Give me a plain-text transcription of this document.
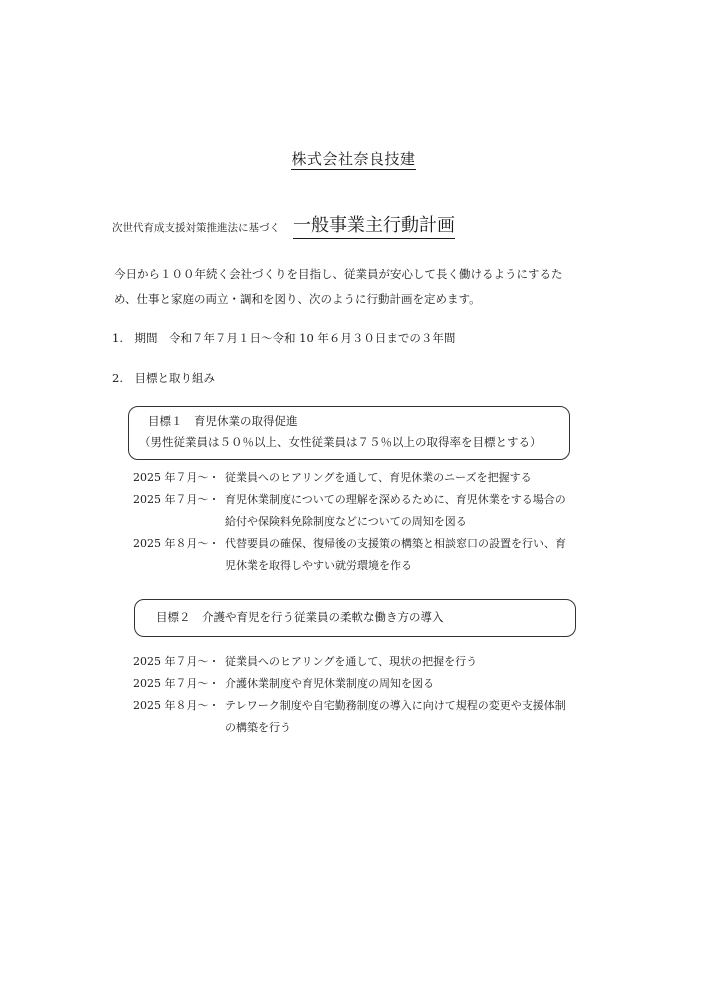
株式会社奈良技建
次世代育成支援対策推進法に基づく 一般事業主行動計画
今日から１００年続く会社づくりを目指し、従業員が安心して長く働けるようにするた
め、仕事と家庭の両立・調和を図り、次のように行動計画を定めます。
1.　期間　令和７年７月１日〜令和 10 年６月３０日までの３年間
2.　目標と取り組み
目標１　育児休業の取得促進
（男性従業員は５０％以上、女性従業員は７５％以上の取得率を目標とする）
2025 年７月〜・ 従業員へのヒアリングを通して、育児休業のニーズを把握する
2025 年７月〜・ 育児休業制度についての理解を深めるために、育児休業をする場合の
給付や保険料免除制度などについての周知を図る
2025 年８月〜・ 代替要員の確保、復帰後の支援策の構築と相談窓口の設置を行い、育
児休業を取得しやすい就労環境を作る
目標２　介護や育児を行う従業員の柔軟な働き方の導入
2025 年７月〜・ 従業員へのヒアリングを通して、現状の把握を行う
2025 年７月〜・ 介護休業制度や育児休業制度の周知を図る
2025 年８月〜・ テレワーク制度や自宅勤務制度の導入に向けて規程の変更や支援体制
の構築を行う
